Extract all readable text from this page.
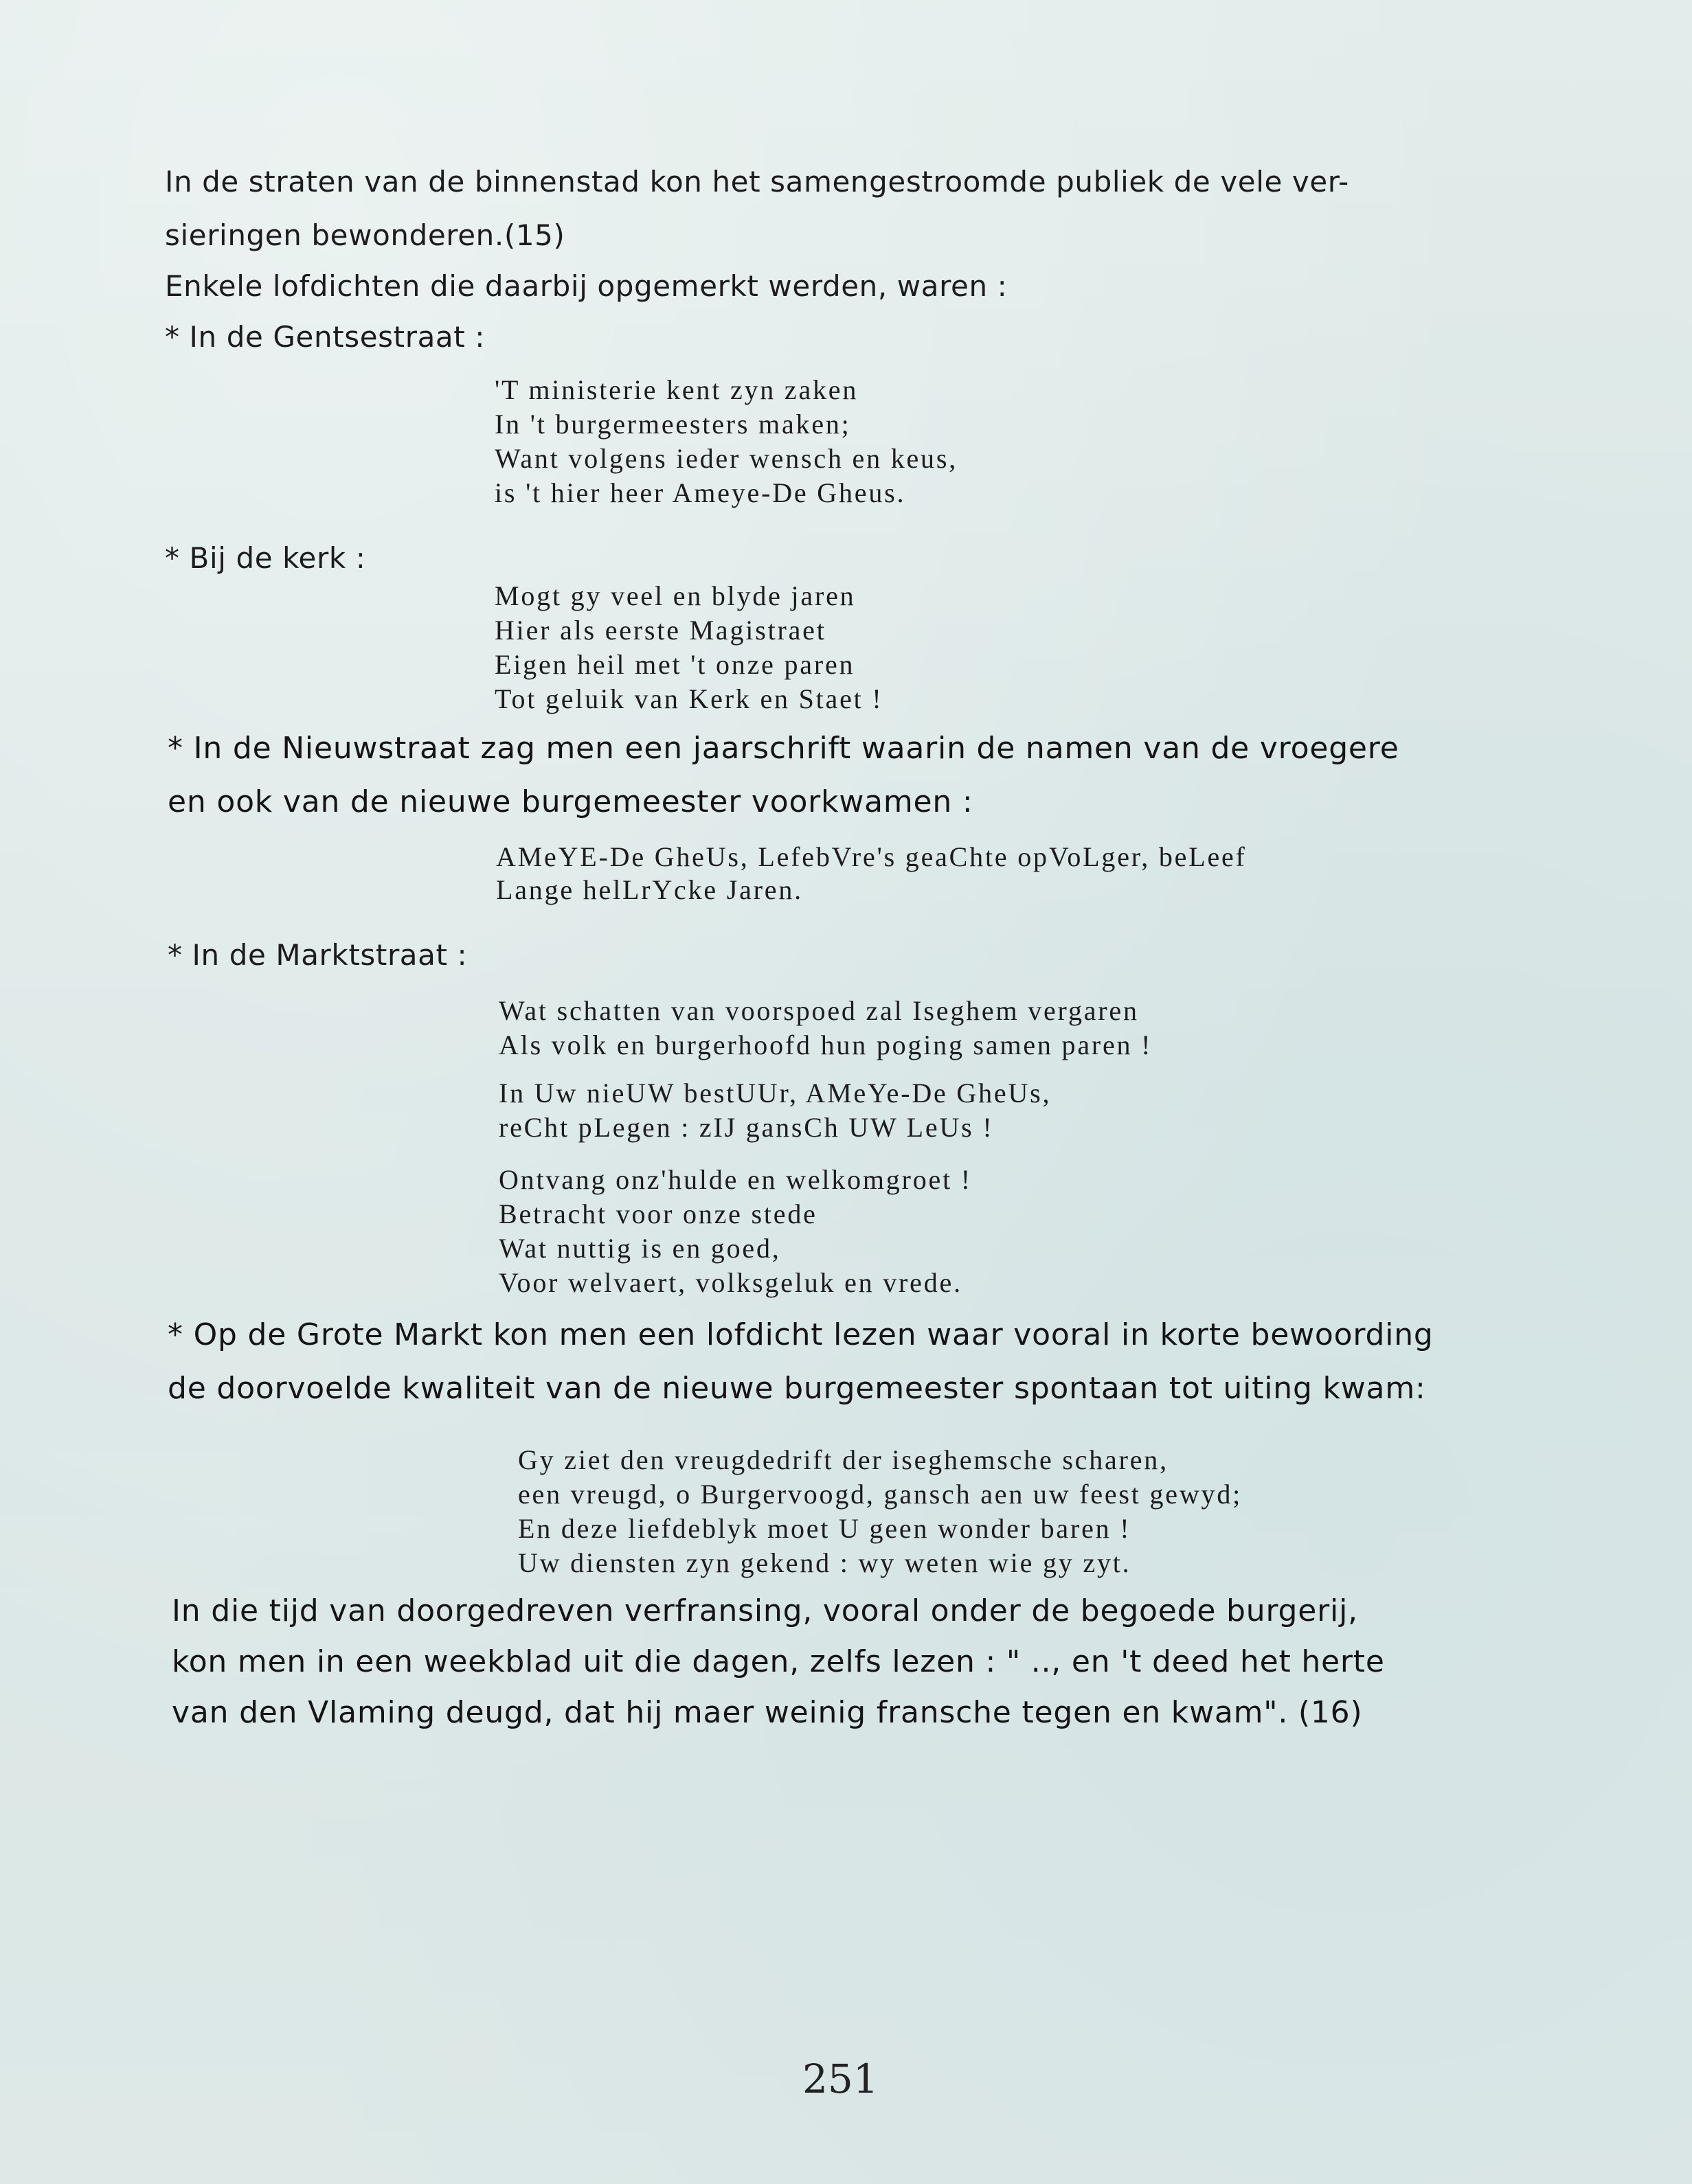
In de straten van de binnenstad kon het samengestroomde publiek de vele ver-
sieringen bewonderen.(15)
Enkele lofdichten die daarbij opgemerkt werden, waren :
* In de Gentsestraat :
'T ministerie kent zyn zaken
In 't burgermeesters maken;
Want volgens ieder wensch en keus,
is 't hier heer Ameye-De Gheus.
* Bij de kerk :
Mogt gy veel en blyde jaren
Hier als eerste Magistraet
Eigen heil met 't onze paren
Tot geluik van Kerk en Staet !
* In de Nieuwstraat zag men een jaarschrift waarin de namen van de vroegere
en ook van de nieuwe burgemeester voorkwamen :
AMeYE-De GheUs, LefebVre's geaChte opVoLger, beLeef
Lange helLrYcke Jaren.
* In de Marktstraat :
Wat schatten van voorspoed zal Iseghem vergaren
Als volk en burgerhoofd hun poging samen paren !
In Uw nieUW bestUUr, AMeYe-De GheUs,
reCht pLegen : zIJ gansCh UW LeUs !
Ontvang onz'hulde en welkomgroet !
Betracht voor onze stede
Wat nuttig is en goed,
Voor welvaert, volksgeluk en vrede.
* Op de Grote Markt kon men een lofdicht lezen waar vooral in korte bewoording
de doorvoelde kwaliteit van de nieuwe burgemeester spontaan tot uiting kwam:
Gy ziet den vreugdedrift der iseghemsche scharen,
een vreugd, o Burgervoogd, gansch aen uw feest gewyd;
En deze liefdeblyk moet U geen wonder baren !
Uw diensten zyn gekend : wy weten wie gy zyt.
In die tijd van doorgedreven verfransing, vooral onder de begoede burgerij,
kon men in een weekblad uit die dagen, zelfs lezen : " .., en 't deed het herte
van den Vlaming deugd, dat hij maer weinig fransche tegen en kwam". (16)
251
